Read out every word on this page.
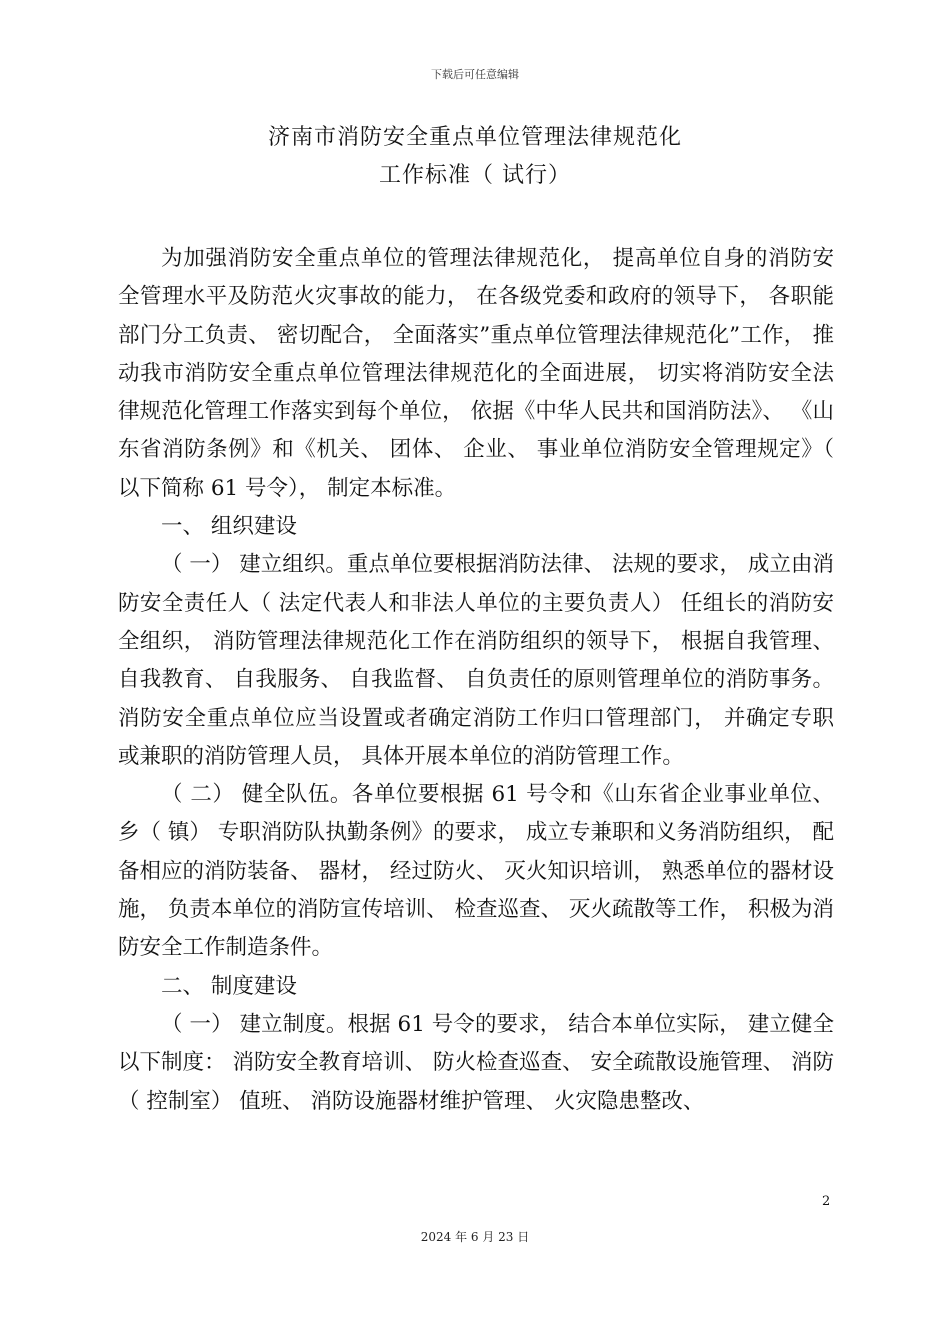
下载后可任意编辑
济南市消防安全重点单位管理法律规范化
工作标准（ 试行）

为加强消防安全重点单位的管理法律规范化， 提高单位自身的消防安全管理水平及防范火灾事故的能力， 在各级党委和政府的领导下， 各职能部门分工负责、 密切配合， 全面落实”重点单位管理法律规范化”工作， 推动我市消防安全重点单位管理法律规范化的全面进展， 切实将消防安全法律规范化管理工作落实到每个单位， 依据《中华人民共和国消防法》、 《山东省消防条例》和《机关、 团体、 企业、 事业单位消防安全管理规定》（ 以下简称 61 号令）， 制定本标准。

一、 组织建设

（ 一） 建立组织。重点单位要根据消防法律、 法规的要求， 成立由消防安全责任人（ 法定代表人和非法人单位的主要负责人） 任组长的消防安全组织， 消防管理法律规范化工作在消防组织的领导下， 根据自我管理、 自我教育、 自我服务、 自我监督、 自负责任的原则管理单位的消防事务。消防安全重点单位应当设置或者确定消防工作归口管理部门， 并确定专职或兼职的消防管理人员， 具体开展本单位的消防管理工作。

（ 二） 健全队伍。各单位要根据 61 号令和《山东省企业事业单位、 乡（ 镇） 专职消防队执勤条例》的要求， 成立专兼职和义务消防组织， 配备相应的消防装备、 器材， 经过防火、 灭火知识培训， 熟悉单位的器材设施， 负责本单位的消防宣传培训、 检查巡查、 灭火疏散等工作， 积极为消防安全工作制造条件。

二、 制度建设

（ 一） 建立制度。根据 61 号令的要求， 结合本单位实际， 建立健全以下制度： 消防安全教育培训、 防火检查巡查、 安全疏散设施管理、 消防（ 控制室） 值班、 消防设施器材维护管理、 火灾隐患整改、

2
2024 年 6 月 23 日
